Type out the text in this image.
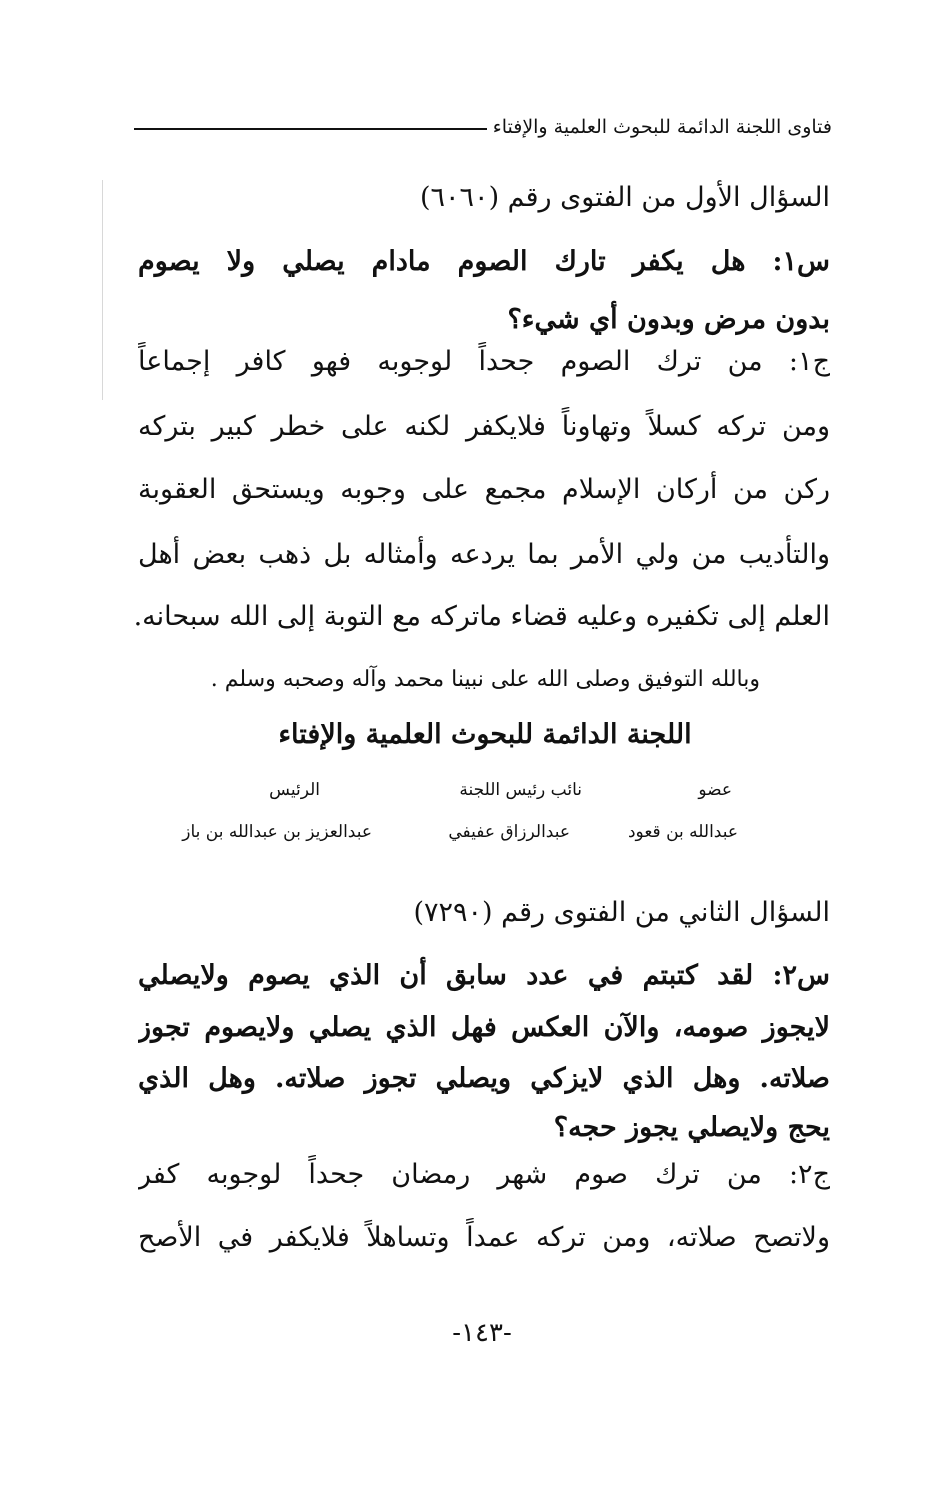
فتاوى اللجنة الدائمة للبحوث العلمية والإفتاء
السؤال الأول من الفتوى رقم (٦٠٦٠)
س١: هل يكفر تارك الصوم مادام يصلي ولا يصوم
بدون مرض وبدون أي شيء؟
ج١: من ترك الصوم جحداً لوجوبه فهو كافر إجماعاً
ومن تركه كسلاً وتهاوناً فلايكفر لكنه على خطر كبير بتركه
ركن من أركان الإسلام مجمع على وجوبه ويستحق العقوبة
والتأديب من ولي الأمر بما يردعه وأمثاله بل ذهب بعض أهل
العلم إلى تكفيره وعليه قضاء ماتركه مع التوبة إلى الله سبحانه.
وبالله التوفيق وصلى الله على نبينا محمد وآله وصحبه وسلم .
اللجنة الدائمة للبحوث العلمية والإفتاء
عضو
نائب رئيس اللجنة
الرئيس
عبدالله بن قعود
عبدالرزاق عفيفي
عبدالعزيز بن عبدالله بن باز
السؤال الثاني من الفتوى رقم (٧٢٩٠)
س٢: لقد كتبتم في عدد سابق أن الذي يصوم ولايصلي
لايجوز صومه، والآن العكس فهل الذي يصلي ولايصوم تجوز
صلاته. وهل الذي لايزكي ويصلي تجوز صلاته. وهل الذي
يحج ولايصلي يجوز حجه؟
ج٢: من ترك صوم شهر رمضان جحداً لوجوبه كفر
ولاتصح صلاته، ومن تركه عمداً وتساهلاً فلايكفر في الأصح
-١٤٣-
